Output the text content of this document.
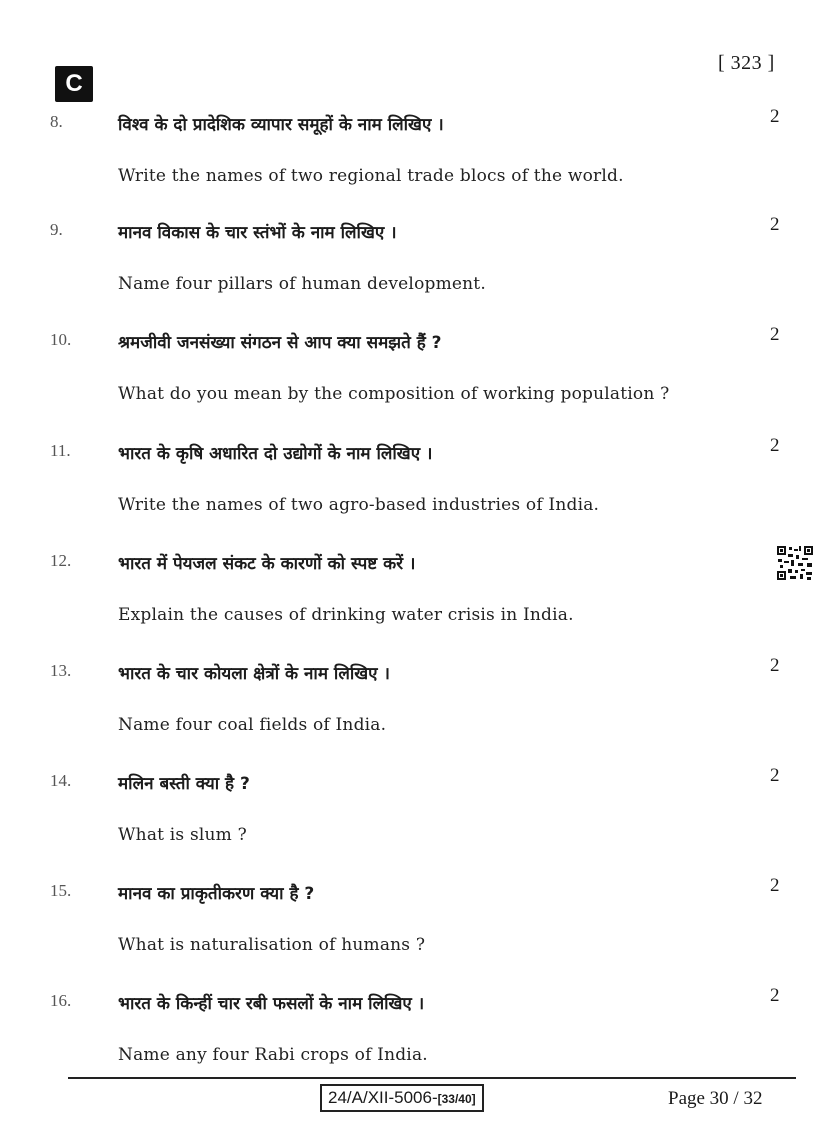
[ 323 ]
C
8.	विश्व के दो प्रादेशिक व्यापार समूहों के नाम लिखिए ।
Write the names of two regional trade blocs of the world.
2
9.	मानव विकास के चार स्तंभों के नाम लिखिए ।
Name four pillars of human development.
2
10.	श्रमजीवी जनसंख्या संगठन से आप क्या समझते हैं ?
What do you mean by the composition of working population ?
2
11.	भारत के कृषि अधारित दो उद्योगों के नाम लिखिए ।
Write the names of two agro-based industries of India.
2
12.	भारत में पेयजल संकट के कारणों को स्पष्ट करें ।
Explain the causes of drinking water crisis in India.
13.	भारत के चार कोयला क्षेत्रों के नाम लिखिए ।
Name four coal fields of India.
2
14.	मलिन बस्ती क्या है ?
What is slum ?
2
15.	मानव का प्राकृतीकरण क्या है ?
What is naturalisation of humans ?
2
16.	भारत के किन्हीं चार रबी फसलों के नाम लिखिए ।
Name any four Rabi crops of India.
2
24/A/XII-5006-[33/40]	Page 30 / 32
